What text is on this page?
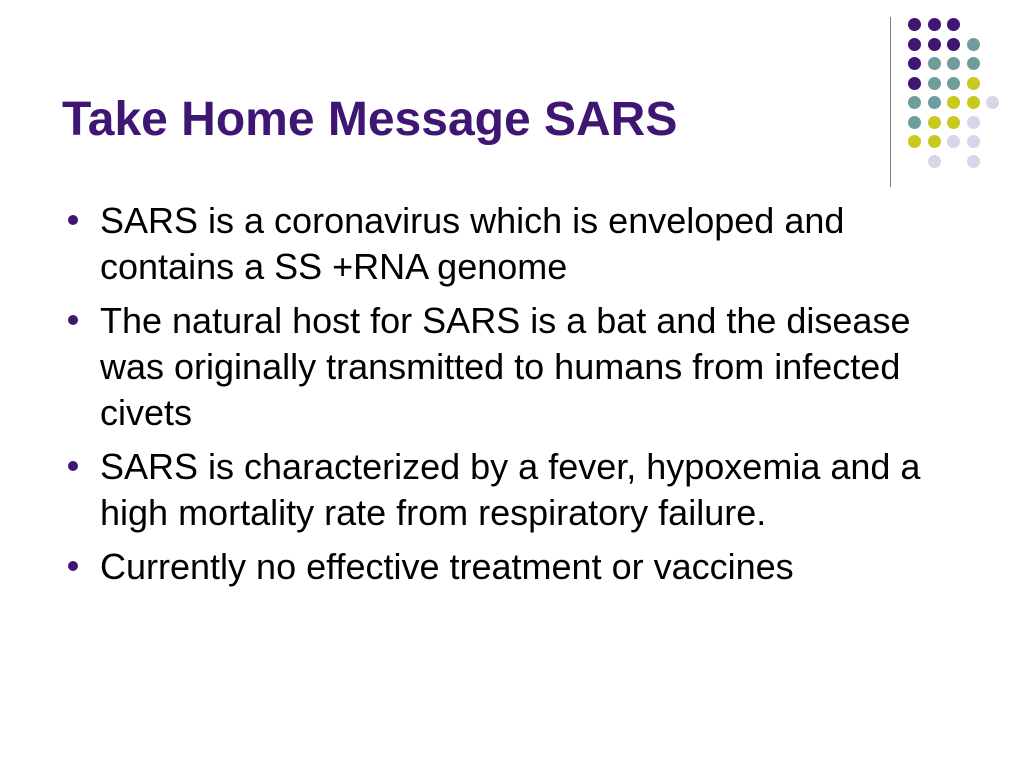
Take Home Message SARS
SARS is a coronavirus which is enveloped and contains a SS +RNA genome
The natural host for SARS is a bat and the disease was originally transmitted to humans from infected civets
SARS is characterized by a fever, hypoxemia and a high mortality rate from respiratory failure.
Currently no effective treatment or vaccines
